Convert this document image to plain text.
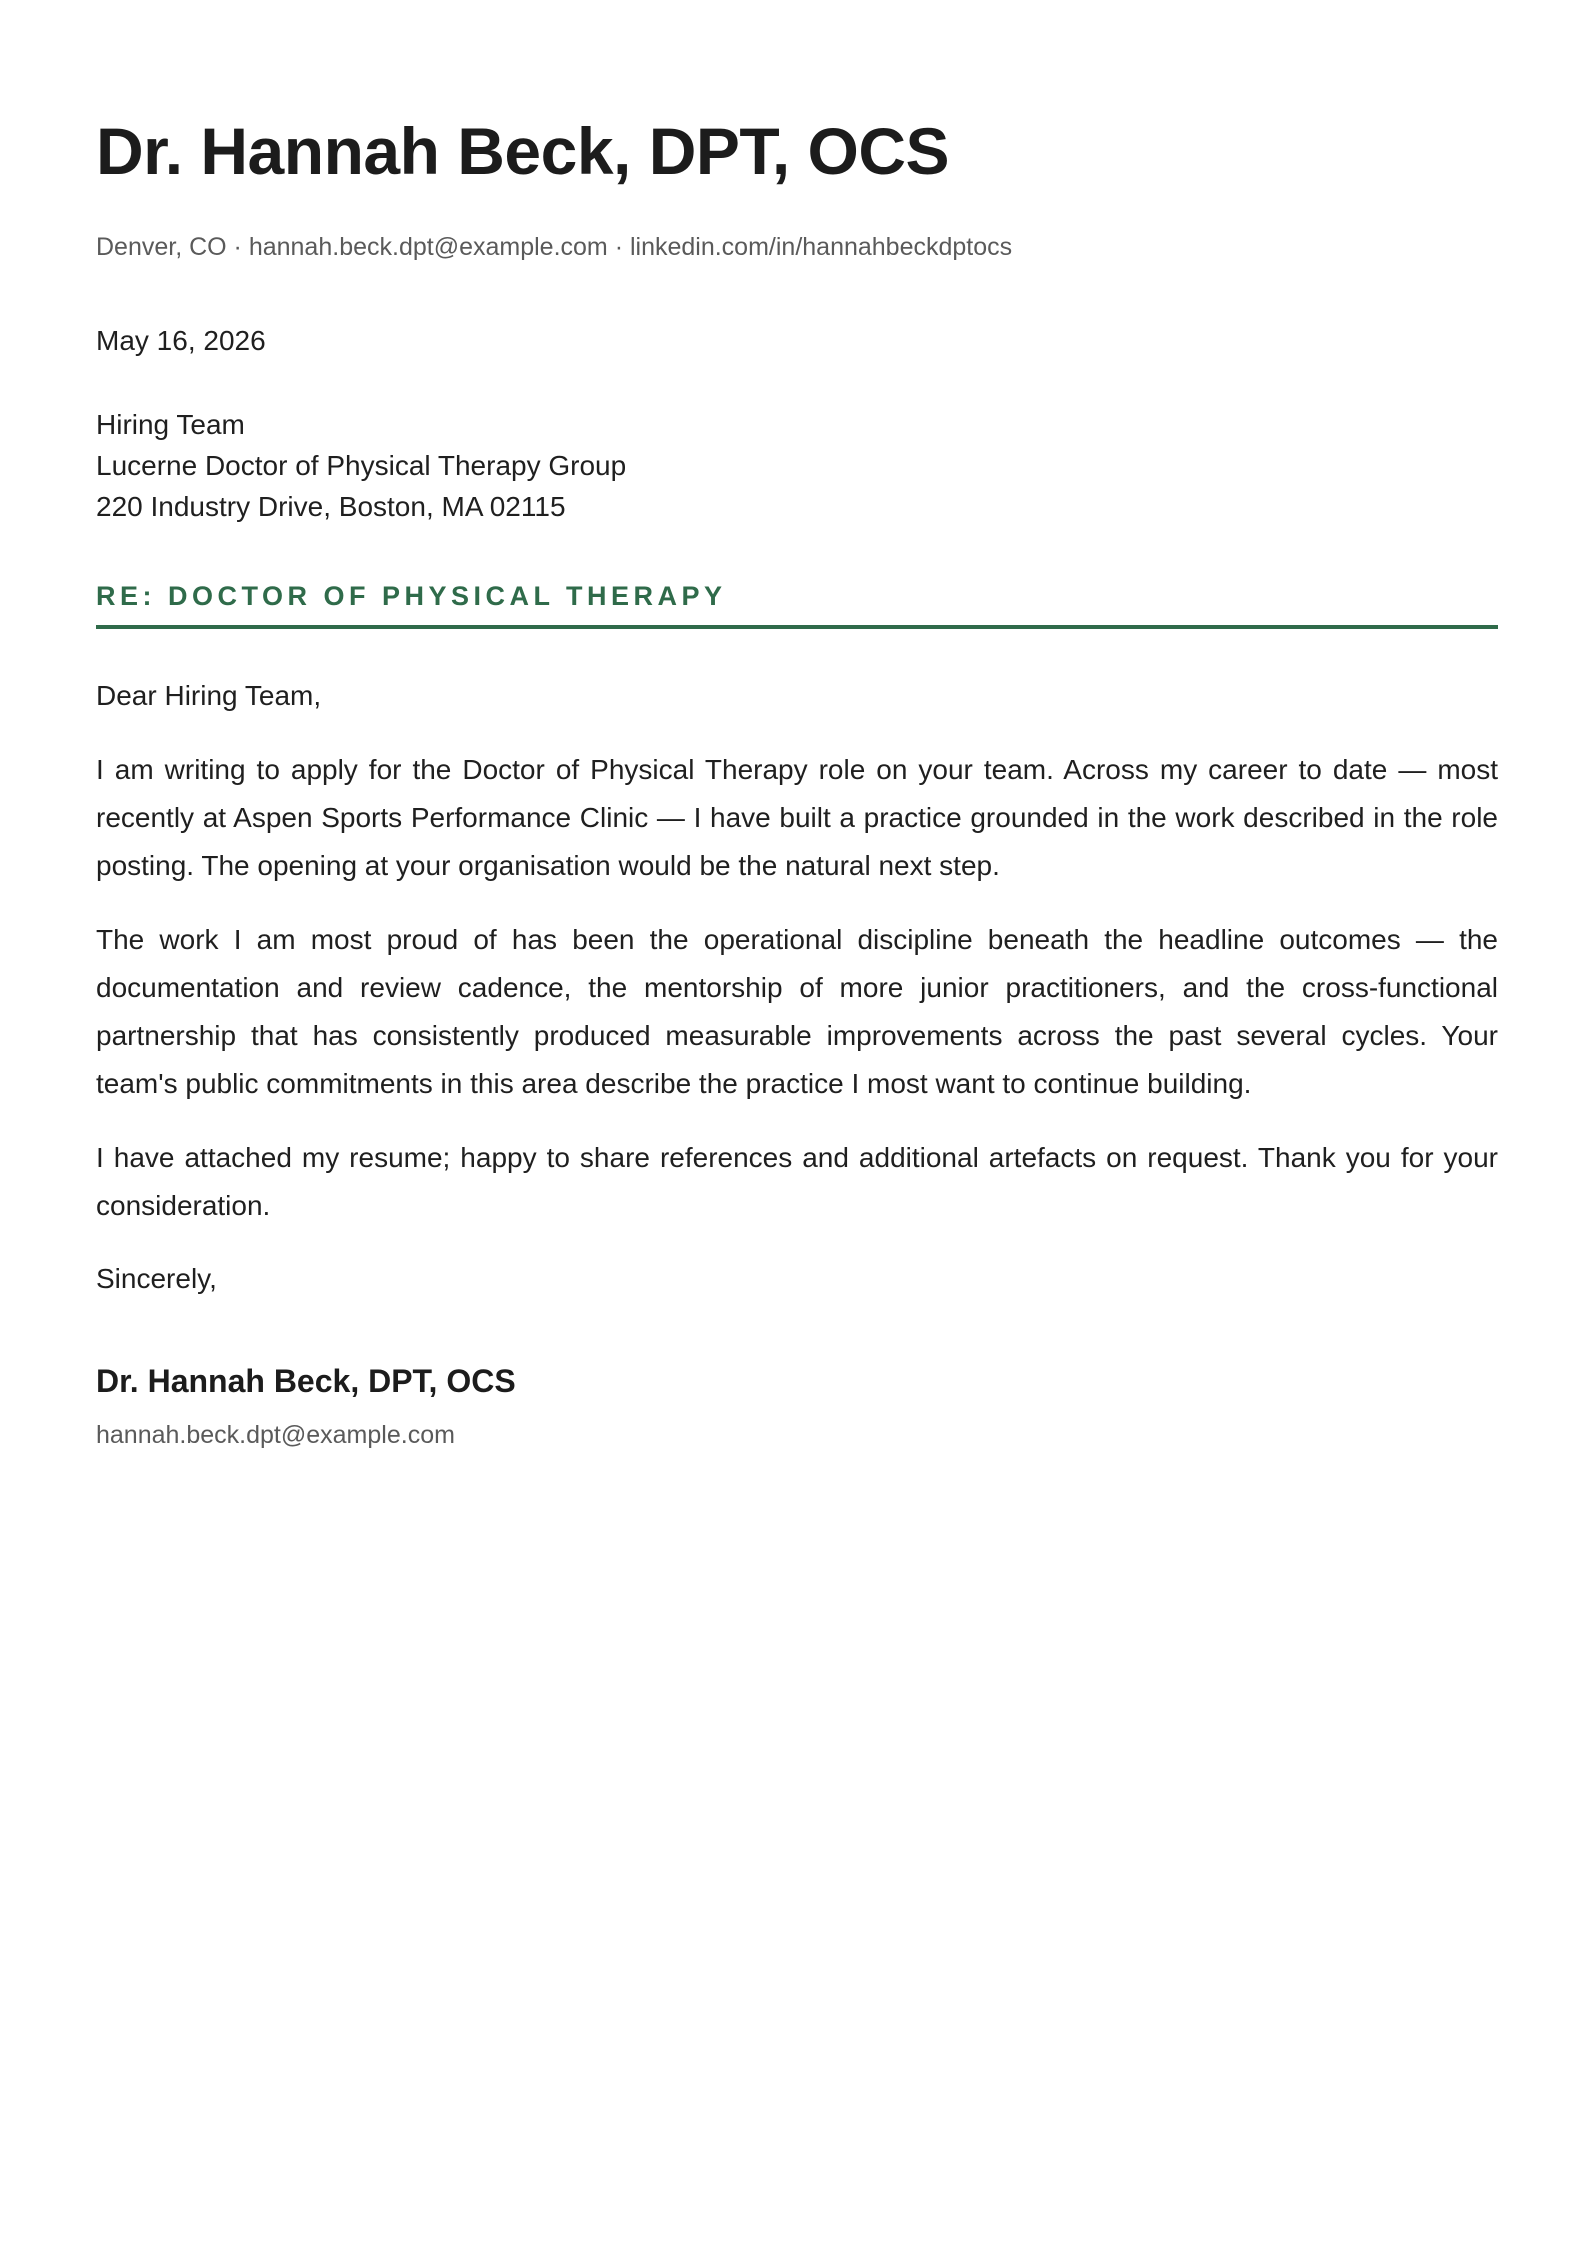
Dr. Hannah Beck, DPT, OCS
Denver, CO · hannah.beck.dpt@example.com · linkedin.com/in/hannahbeckdptocs
May 16, 2026
Hiring Team
Lucerne Doctor of Physical Therapy Group
220 Industry Drive, Boston, MA 02115
RE: DOCTOR OF PHYSICAL THERAPY

Dear Hiring Team,

I am writing to apply for the Doctor of Physical Therapy role on your team. Across my career to date — most recently at Aspen Sports Performance Clinic — I have built a practice grounded in the work described in the role posting. The opening at your organisation would be the natural next step.

The work I am most proud of has been the operational discipline beneath the headline outcomes — the documentation and review cadence, the mentorship of more junior practitioners, and the cross-functional partnership that has consistently produced measurable improvements across the past several cycles. Your team's public commitments in this area describe the practice I most want to continue building.

I have attached my resume; happy to share references and additional artefacts on request. Thank you for your consideration.

Sincerely,
Dr. Hannah Beck, DPT, OCS
hannah.beck.dpt@example.com
